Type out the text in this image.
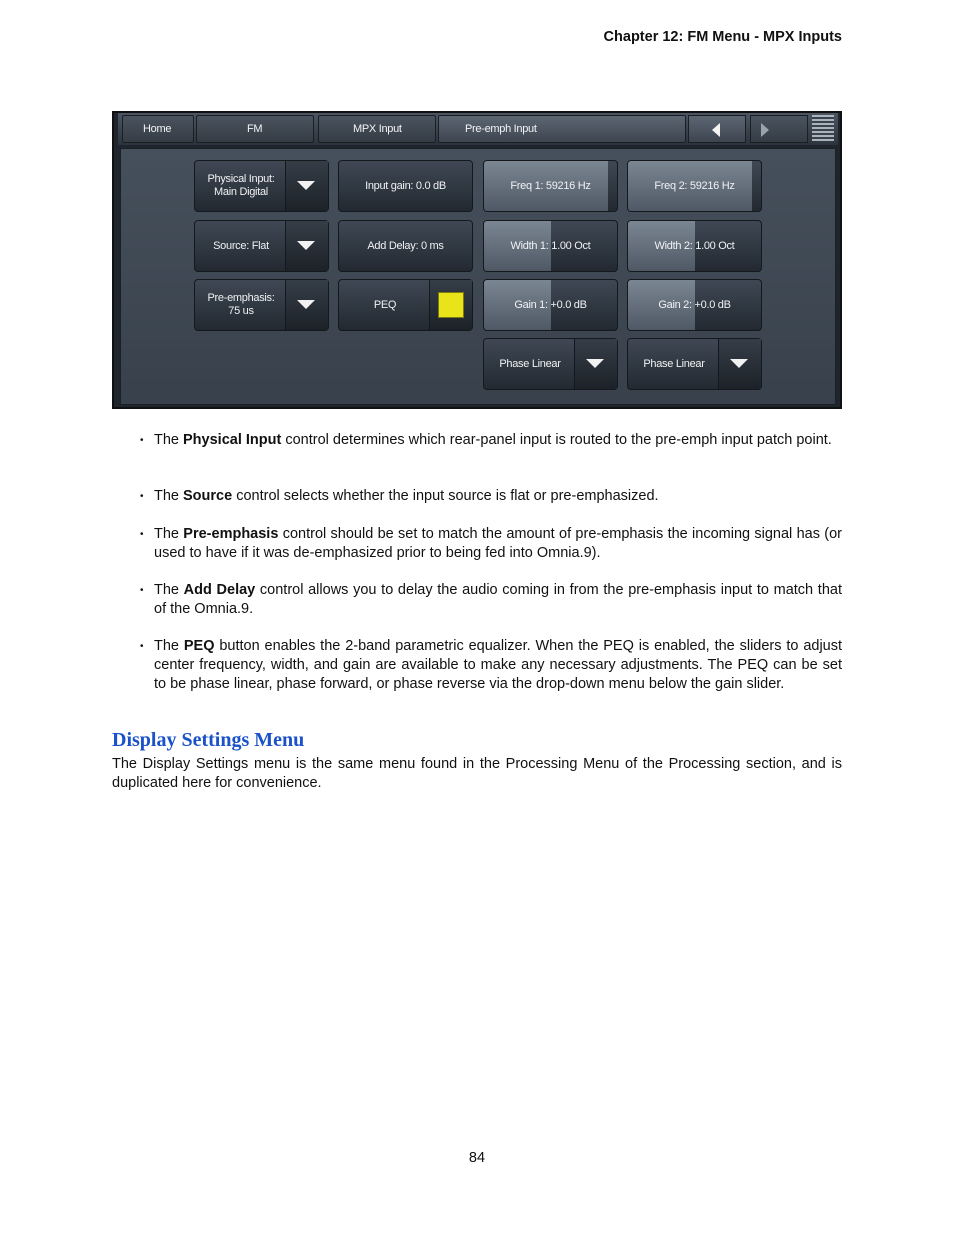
Chapter 12: FM Menu - MPX Inputs
Home	FM	MPX Input	Pre-emph Input
Physical Input:
Main Digital
Source: Flat
Pre-emphasis:
75 us
Input gain: 0.0 dB
Add Delay: 0 ms
PEQ
Freq 1: 59216 Hz
Width 1: 1.00 Oct
Gain 1: +0.0 dB
Phase Linear
Freq 2: 59216 Hz
Width 2: 1.00 Oct
Gain 2: +0.0 dB
Phase Linear
• The Physical Input control determines which rear-panel input is routed to the pre-emph input patch point.
• The Source control selects whether the input source is flat or pre-emphasized.
• The Pre-emphasis control should be set to match the amount of pre-emphasis the incoming signal has (or used to have if it was de-emphasized prior to being fed into Omnia.9).
• The Add Delay control allows you to delay the audio coming in from the pre-emphasis input to match that of the Omnia.9.
• The PEQ button enables the 2-band parametric equalizer. When the PEQ is enabled, the sliders to adjust center frequency, width, and gain are available to make any necessary adjustments. The PEQ can be set to be phase linear, phase forward, or phase reverse via the drop-down menu below the gain slider.
Display Settings Menu
The Display Settings menu is the same menu found in the Processing Menu of the Processing section, and is duplicated here for convenience.
84
